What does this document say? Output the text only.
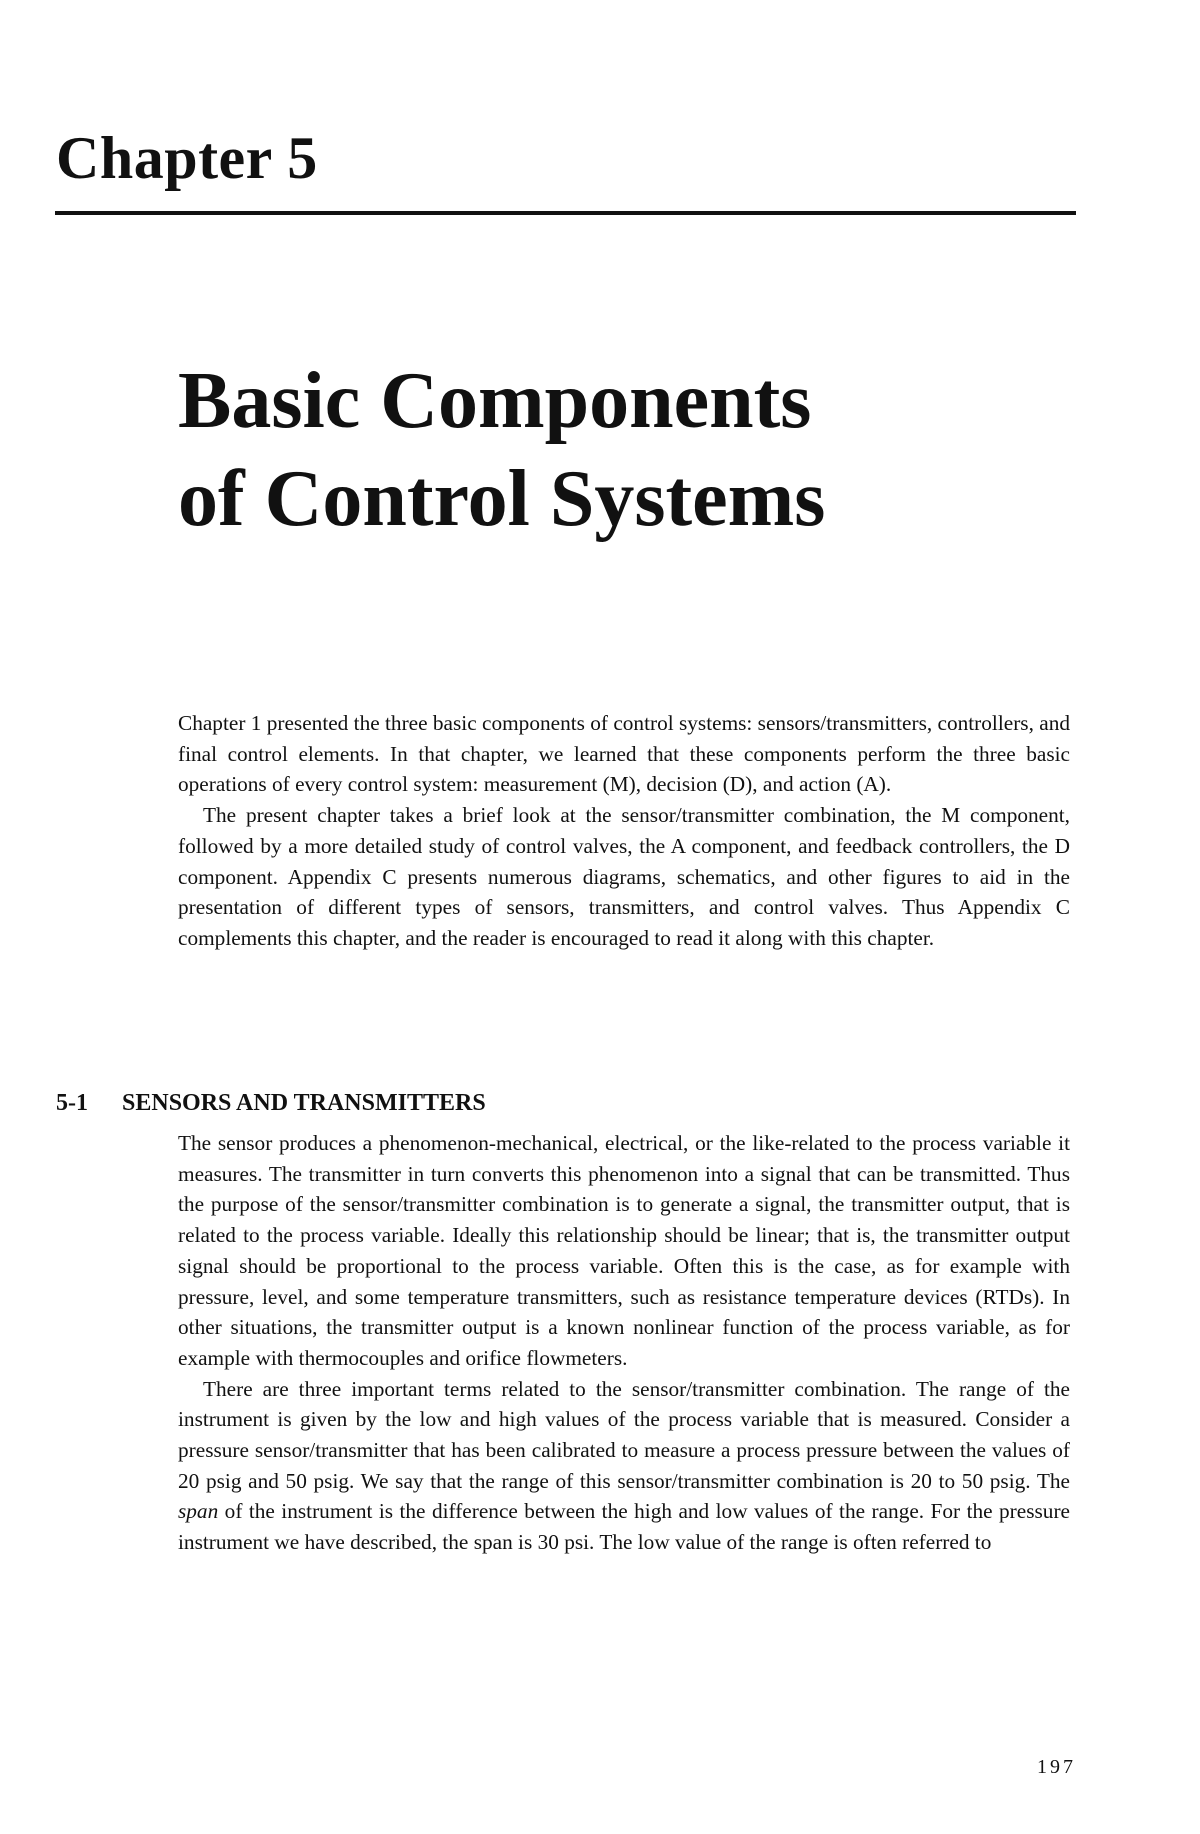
Chapter 5
Basic Components
of Control Systems

Chapter 1 presented the three basic components of control systems: sensors/transmitters, controllers, and final control elements. In that chapter, we learned that these components perform the three basic operations of every control system: measurement (M), decision (D), and action (A).

The present chapter takes a brief look at the sensor/transmitter combination, the M component, followed by a more detailed study of control valves, the A component, and feedback controllers, the D component. Appendix C presents numerous diagrams, schematics, and other figures to aid in the presentation of different types of sensors, transmitters, and control valves. Thus Appendix C complements this chapter, and the reader is encouraged to read it along with this chapter.

5-1 SENSORS AND TRANSMITTERS

The sensor produces a phenomenon-mechanical, electrical, or the like-related to the process variable it measures. The transmitter in turn converts this phenomenon into a signal that can be transmitted. Thus the purpose of the sensor/transmitter combination is to generate a signal, the transmitter output, that is related to the process variable. Ideally this relationship should be linear; that is, the transmitter output signal should be proportional to the process variable. Often this is the case, as for example with pressure, level, and some temperature transmitters, such as resistance temperature devices (RTDs). In other situations, the transmitter output is a known nonlinear function of the process variable, as for example with thermocouples and orifice flowmeters.

There are three important terms related to the sensor/transmitter combination. The range of the instrument is given by the low and high values of the process variable that is measured. Consider a pressure sensor/transmitter that has been calibrated to measure a process pressure between the values of 20 psig and 50 psig. We say that the range of this sensor/transmitter combination is 20 to 50 psig. The span of the instrument is the difference between the high and low values of the range. For the pressure instrument we have described, the span is 30 psi. The low value of the range is often referred to

197
